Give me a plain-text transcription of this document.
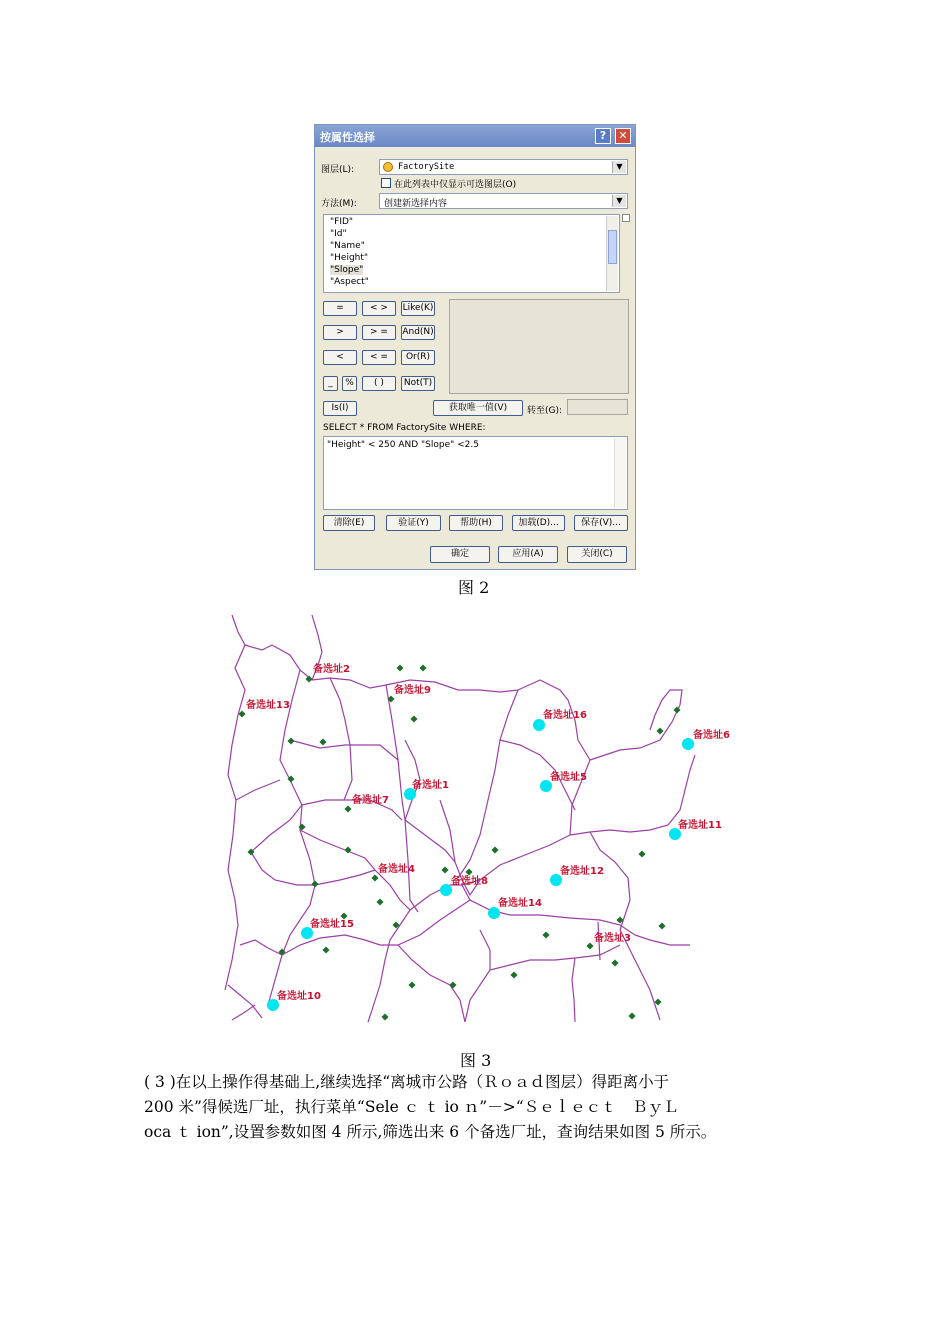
按属性选择	?	✕
图层(L):	FactorySite	▼
在此列表中仅显示可选图层(O)
方法(M):	创建新选择内容	▼
"FID"
"Id"
"Name"
"Height"
"Slope"
"Aspect"
=	< >	Like(K)
>	> =	And(N)
<	< =	Or(R)
_	%	( )	Not(T)
Is(I)	获取唯一值(V)	转至(G):
SELECT * FROM FactorySite WHERE:
"Height" < 250 AND "Slope" <2.5
清除(E)	验证(Y)	帮助(H)	加载(D)...	保存(V)...
确定	应用(A)	关闭(C)
图 2
备选址2
备选址13
备选址9
备选址16
备选址6
备选址1
备选址5
备选址7
备选址11
备选址4
备选址8
备选址12
备选址14
备选址3
备选址15
备选址10
图 3
( 3 )在以上操作得基础上,继续选择“离城市公路（Ｒｏａｄ图层）得距离小于
200 米”得候选厂址，执行菜单“Sele ｃ ｔ io ｎ”－>“Ｓｅｌｅｃｔ　ＢｙＬ
oca ｔ ion”,设置参数如图 4 所示,筛选出来 6 个备选厂址，查询结果如图 5 所示。
